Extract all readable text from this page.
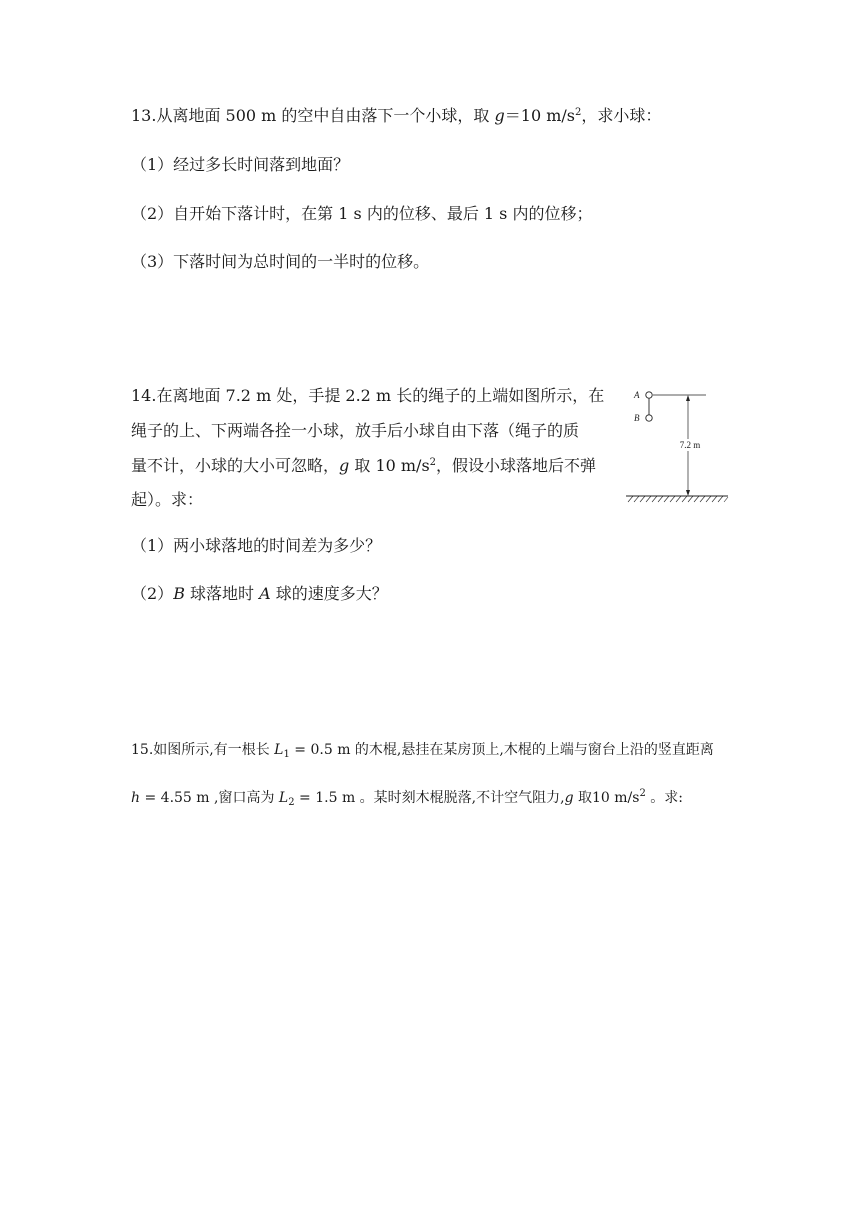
13.从离地面 500 m 的空中自由落下一个小球，取 g＝10 $m/s^2$，求小球：
（1）经过多长时间落到地面？
（2）自开始下落计时，在第 1 s 内的位移、最后 1 s 内的位移；
（3）下落时间为总时间的一半时的位移。
14.在离地面 7.2 m 处，手提 2.2 m 长的绳子的上端如图所示，在
绳子的上、下两端各拴一小球，放手后小球自由下落（绳子的质
量不计，小球的大小可忽略，g 取 10 $m/s^2$，假设小球落地后不弹
起）。求：
（1）两小球落地的时间差为多少？
（2）B 球落地时 A 球的速度多大？
A
B
7.2 m
15.如图所示,有一根长 $L_1 = 0.5$ m 的木棍,悬挂在某房顶上,木棍的上端与窗台上沿的竖直距离
h = 4.55 m ,窗口高为 $L_2 = 1.5$ m 。某时刻木棍脱落,不计空气阻力,g 取10 $m/s^2$ 。求:
